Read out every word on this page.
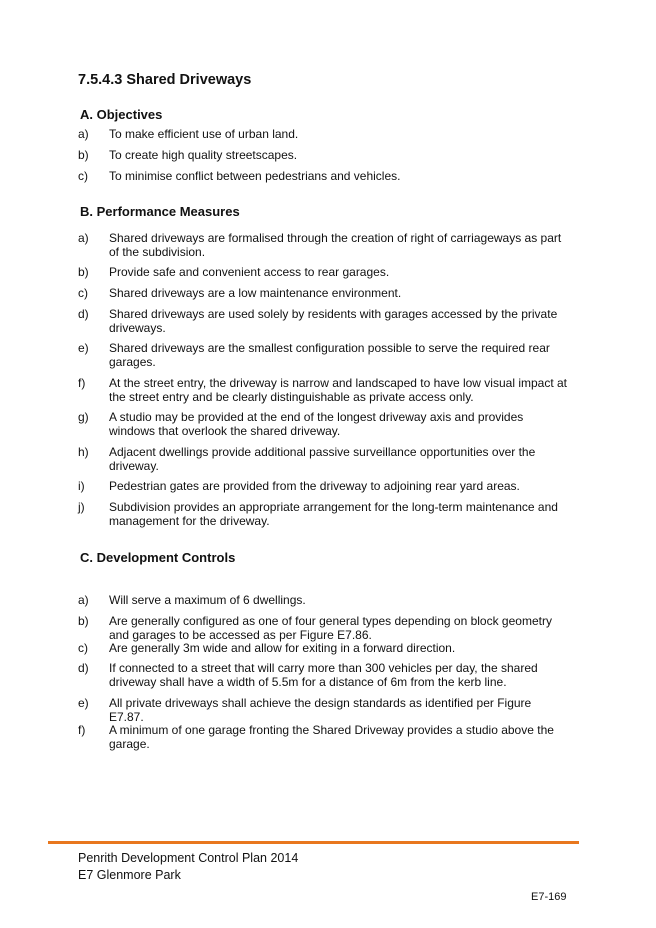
7.5.4.3 Shared Driveways
A. Objectives
a)	To make efficient use of urban land.
b)	To create high quality streetscapes.
c)	To minimise conflict between pedestrians and vehicles.
B. Performance Measures
a)	Shared driveways are formalised through the creation of right of carriageways as part of the subdivision.
b)	Provide safe and convenient access to rear garages.
c)	Shared driveways are a low maintenance environment.
d)	Shared driveways are used solely by residents with garages accessed by the private driveways.
e)	Shared driveways are the smallest configuration possible to serve the required rear garages.
f)	At the street entry, the driveway is narrow and landscaped to have low visual impact at the street entry and be clearly distinguishable as private access only.
g)	A studio may be provided at the end of the longest driveway axis and provides windows that overlook the shared driveway.
h)	Adjacent dwellings provide additional passive surveillance opportunities over the driveway.
i)	Pedestrian gates are provided from the driveway to adjoining rear yard areas.
j)	Subdivision provides an appropriate arrangement for the long-term maintenance and management for the driveway.
C. Development Controls
a)	Will serve a maximum of 6 dwellings.
b)	Are generally configured as one of four general types depending on block geometry and garages to be accessed as per Figure E7.86.
c)	Are generally 3m wide and allow for exiting in a forward direction.
d)	If connected to a street that will carry more than 300 vehicles per day, the shared driveway shall have a width of 5.5m for a distance of 6m from the kerb line.
e)	All private driveways shall achieve the design standards as identified per Figure E7.87.
f)	A minimum of one garage fronting the Shared Driveway provides a studio above the garage.
Penrith Development Control Plan 2014
E7 Glenmore Park
E7-169
